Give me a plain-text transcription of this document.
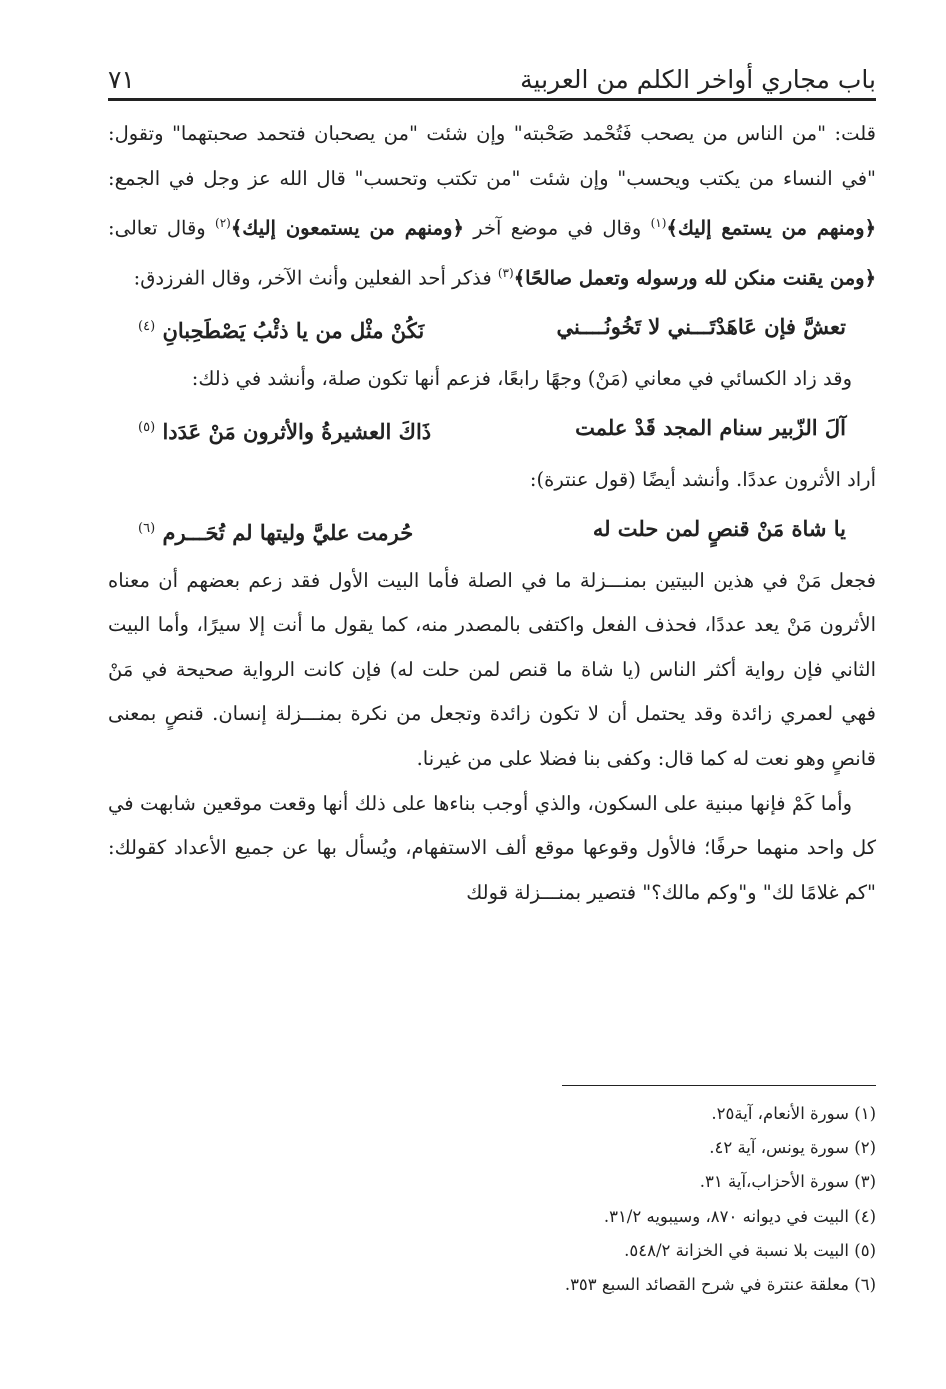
باب مجاري أواخر الكلم من العربية
٧١

قلت: "من الناس من يصحب فَتُحْمد صَحْبته" وإن شئت "من يصحبان فتحمد صحبتهما" وتقول: "في النساء من يكتب ويحسب" وإن شئت "من تكتب وتحسب" قال الله عز وجل في الجمع: ﴿ومنهم من يستمع إليك﴾$^{(١)}$ وقال في موضع آخر ﴿ومنهم من يستمعون إليك﴾$^{(٢)}$ وقال تعالى: ﴿ومن يقنت منكن لله ورسوله وتعمل صالحًا﴾$^{(٣)}$ فذكر أحد الفعلين وأنث الآخر، وقال الفرزدق:

تعشَّ فإن عَاهَدْتَـــني لا تَخُونُــــني
نَكُنْ مثْل من يا ذئْبُ يَصْطَحِبانِ $^{(٤)}$

وقد زاد الكسائي في معاني (مَنْ) وجهًا رابعًا، فزعم أنها تكون صلة، وأنشد في ذلك:

آلَ الزّبير سنام المجد قَدْ علمت
ذَاكَ العشيرةُ والأثرون مَنْ عَدَدا $^{(٥)}$

أراد الأثرون عددًا. وأنشد أيضًا (قول عنترة):

يا شاة مَنْ قنصٍ لمن حلت له
حُرمت عليَّ وليتها لم تُحَـــرم $^{(٦)}$

فجعل مَنْ في هذين البيتين بمنـــزلة ما في الصلة فأما البيت الأول فقد زعم بعضهم أن معناه الأثرون مَنْ يعد عددًا، فحذف الفعل واكتفى بالمصدر منه، كما يقول ما أنت إلا سيرًا، وأما البيت الثاني فإن رواية أكثر الناس (يا شاة ما قنص لمن حلت له) فإن كانت الرواية صحيحة في مَنْ فهي لعمري زائدة وقد يحتمل أن لا تكون زائدة وتجعل من نكرة بمنـــزلة إنسان. قنصٍ بمعنى قانصٍ وهو نعت له كما قال: وكفى بنا فضلا على من غيرنا.

وأما كَمْ فإنها مبنية على السكون، والذي أوجب بناءها على ذلك أنها وقعت موقعين شابهت في كل واحد منهما حرفًا؛ فالأول وقوعها موقع ألف الاستفهام، ويُسأل بها عن جميع الأعداد كقولك: "كم غلامًا لك" و"وكم مالك؟" فتصير بمنـــزلة قولك

(١) سورة الأنعام، آية٢٥.
(٢) سورة يونس، آية ٤٢.
(٣) سورة الأحزاب،آية ٣١.
(٤) البيت في ديوانه ٨٧٠، وسيبويه ٣١/٢.
(٥) البيت بلا نسبة في الخزانة ٥٤٨/٢.
(٦) معلقة عنترة في شرح القصائد السبع ٣٥٣.
